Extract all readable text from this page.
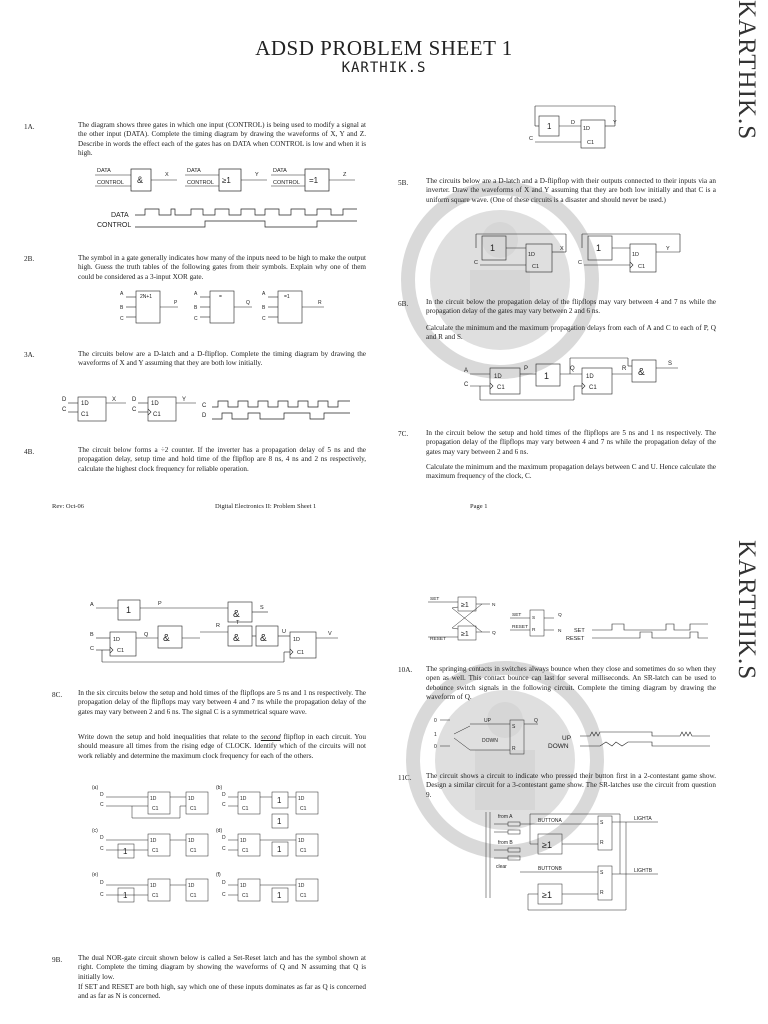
ADSD PROBLEM SHEET 1
KARTHIK.S	KARTHIK.S
KARTHIK.S
1A.	The diagram shows three gates in which one input (CONTROL) is being used to modify a signal at the other input (DATA). Complete the timing diagram by drawing the waveforms of X, Y and Z. Describe in words the effect each of the gates has on DATA when CONTROL is low and when it is high.
DATA
CONTROL &	X
DATA
CONTROL ≥1
Y
DATA
CONTROL =1
Z
DATA
CONTROL
2B.	The symbol in a gate generally indicates how many of the inputs need to be high to make the output high. Guess the truth tables of the following gates from their symbols. Explain why one of them could be considered as a 3-input XOR gate.
A
B
C
2N+1
P
A
B
C
=
Q
A
B
C
=1
R
3A.	The circuits below are a D-latch and a D-flipflop. Complete the timing diagram by drawing the waveforms of X and Y assuming that they are both low initially.
D
C
1D
C1
X	D
C
1D
C1
Y
C
D
4B.	The circuit below forms a ÷2 counter. If the inverter has a propagation delay of 5 ns and the propagation delay, setup time and hold time of the flipflop are 8 ns, 4 ns and 2 ns respectively, calculate the highest clock frequency for reliable operation.
1	D
1D
C1
Y
C
5B. The circuits below are a D-latch and a D-flipflop with their outputs connected to their inputs via an inverter. Draw the waveforms of X and Y assuming that they are both low initially and that C is a uniform square wave. (One of these circuits is a disaster and should never be used.)
1
1D
C1
X
C
1
1D
C1
Y
C
6B. In the circuit below the propagation delay of the flipflops may vary between 4 and 7 ns while the propagation delay of the gates may vary between 2 and 6 ns.
Calculate the minimum and the maximum propagation delays from each of A and C to each of P, Q and R and S.
A
C
1D
C1
P
1
Q
1D
C1
R &
S
7C. In the circuit below the setup and hold times of the flipflops are 5 ns and 1 ns respectively. The propagation delay of the flipflops may vary between 4 and 7 ns while the propagation delay of the gates may vary between 2 and 6 ns.
Calculate the minimum and the maximum propagation delays between C and U. Hence calculate the maximum frequency of the clock, C.
Rev: Oct-06	Digital Electronics II: Problem Sheet 1	Page 1
A	1
P
&
S
B
1D
C1
C
Q &
R
& &
T
U
1D
C1
V
8C. In the six circuits below the setup and hold times of the flipflops are 5 ns and 1 ns respectively. The propagation delay of the flipflops may vary between 4 and 7 ns while the propagation delay of the gates may vary between 2 and 6 ns. The signal C is a symmetrical square wave.
Write down the setup and hold inequalities that relate to the second flipflop in each circuit. You should measure all times from the rising edge of CLOCK. Identify which of the circuits will not work reliably and determine the maximum clock frequency for each of the others.
(a)
D
C
1D
C1
1D
C1
(b)
D
C
1D
C1
1	1D
C1
1
(c)
D
C 1
1D
C1
1D
C1
(d)
D
C
1D
C1	1
1D
C1
(e)
D
C 1
1D
C1
1D
C1
(f)
D
C
1D
C1	1
1D
C1
9B. The dual NOR-gate circuit shown below is called a Set-Reset latch and has the symbol shown at right. Complete the timing diagram by showing the waveforms of Q and N assuming that Q is initially low.
If SET and RESET are both high, say which one of these inputs dominates as far as Q is concerned and as far as N is concerned.
SET
≥1	N
≥1
RESET
Q
SET
RESET
S
R
Q
N SET
RESET
10A. The springing contacts in switches always bounce when they close and sometimes do so when they open as well. This contact bounce can last for several milliseconds. An SR-latch can be used to debounce switch signals in the following circuit. Complete the timing diagram by drawing the waveform of Q.
0
1
0
UP
DOWN
S
R
Q
UP
DOWN
11C. The circuit shows a circuit to indicate who pressed their button first in a 2-contestant game show. Design a similar circuit for a 3-contestant game show. The SR-latches use the circuit from question 9.
from A
from B
clear
BUTTONA
≥1
S
R
LIGHTA
BUTTONB
≥1
S
R
LIGHTB
